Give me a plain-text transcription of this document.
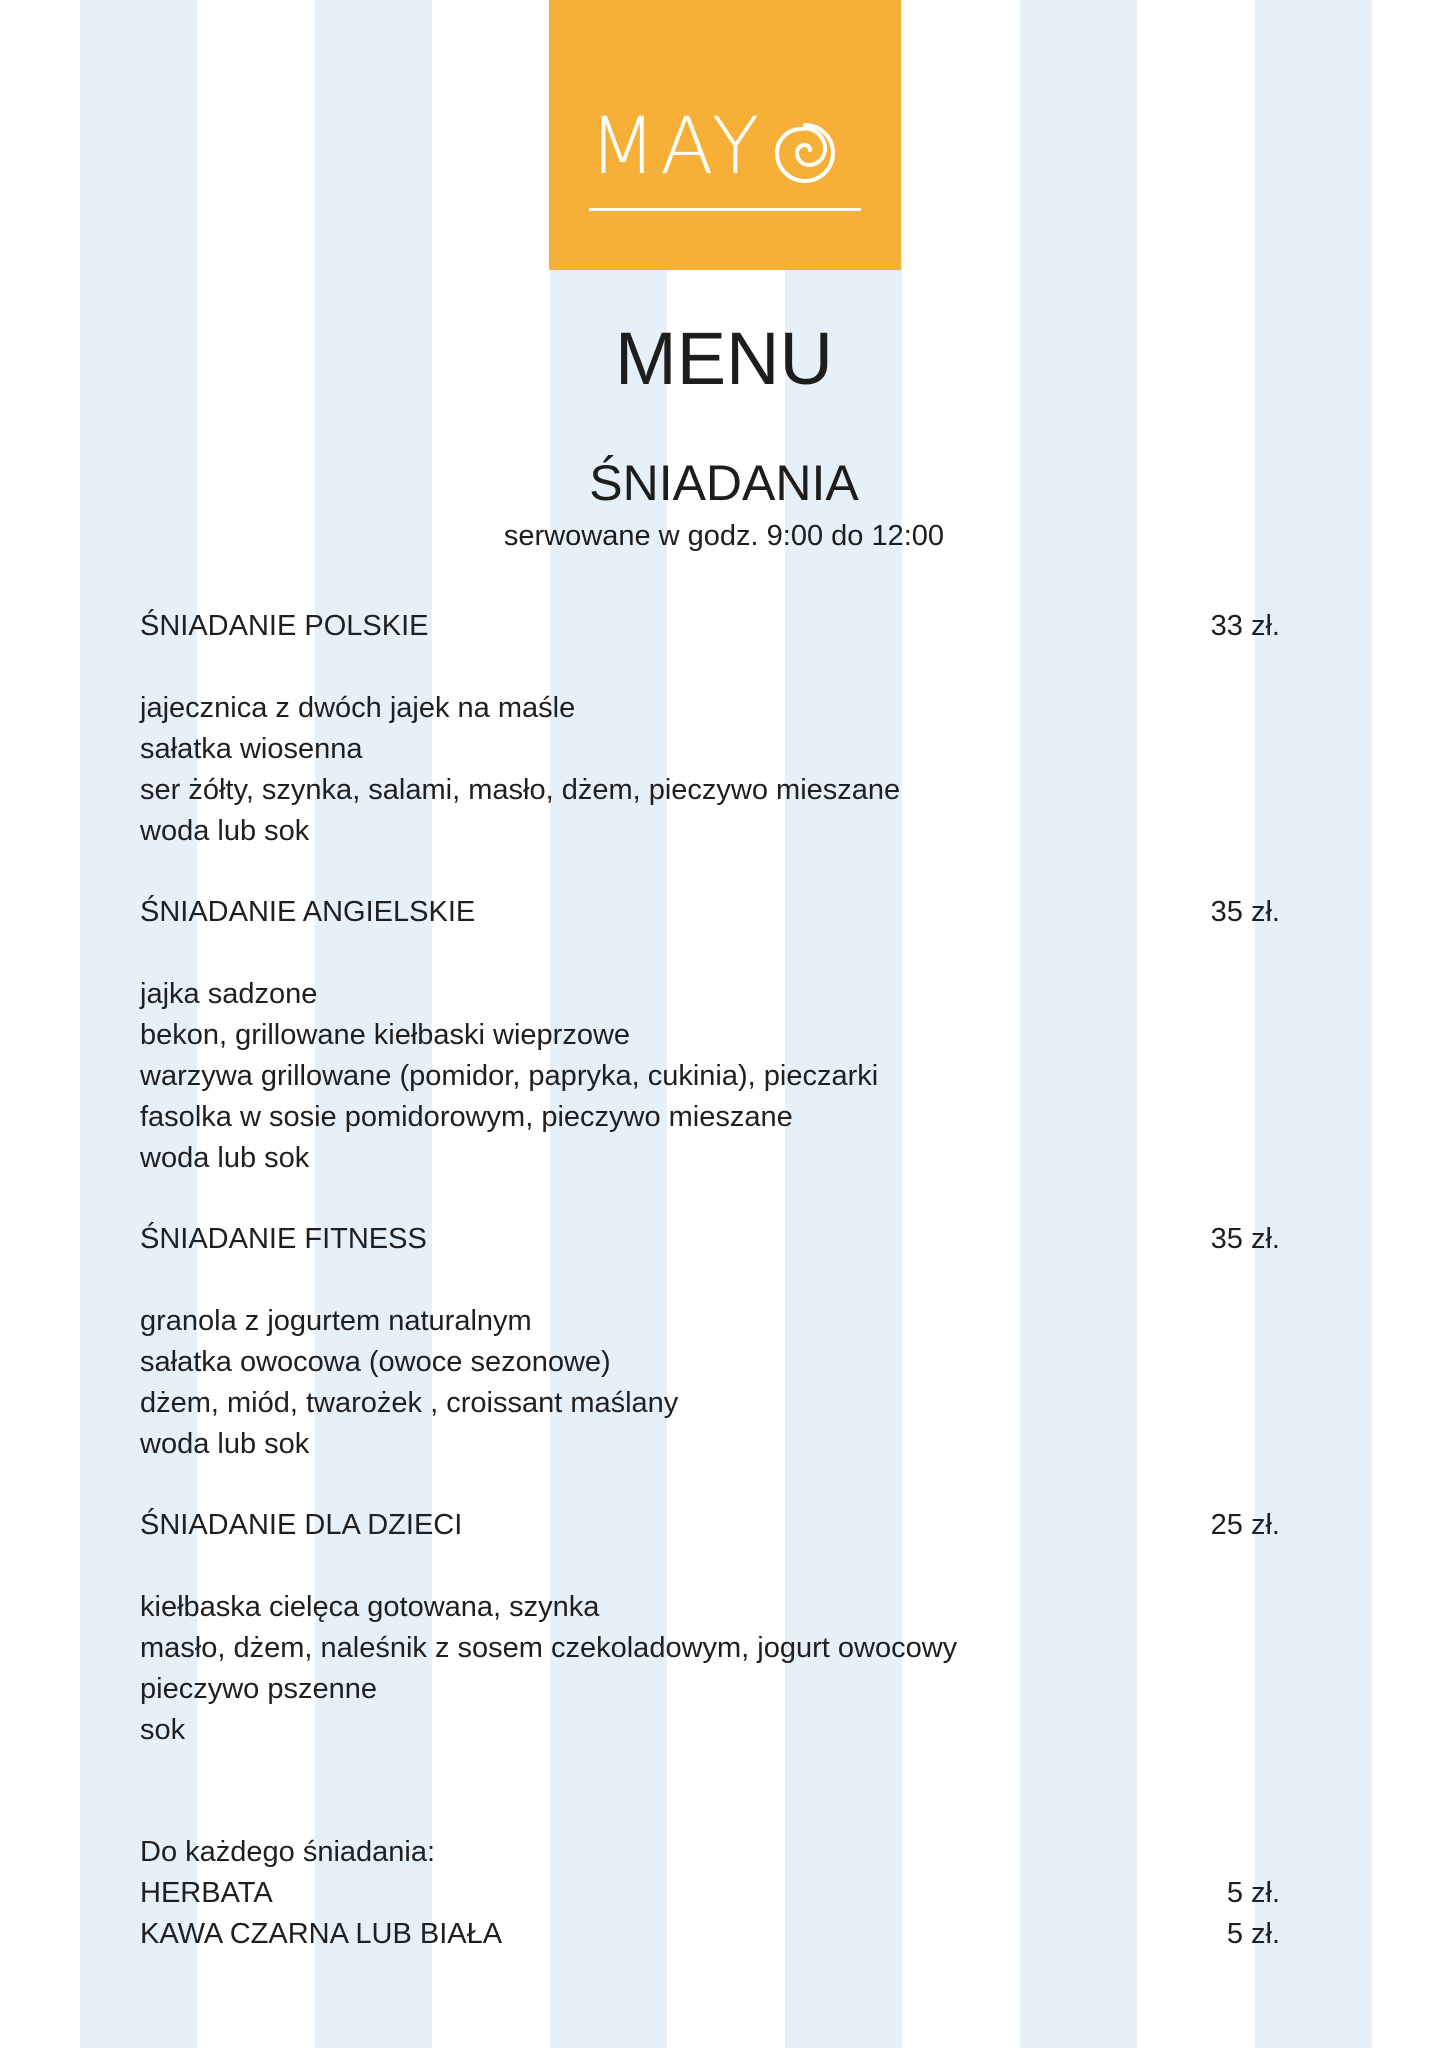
MAY
MENU
ŚNIADANIA
serwowane w godz. 9:00 do 12:00
ŚNIADANIE POLSKIE	33 zł.
jajecznica z dwóch jajek na maśle
sałatka wiosenna
ser żółty, szynka, salami, masło, dżem, pieczywo mieszane
woda lub sok
ŚNIADANIE ANGIELSKIE	35 zł.
jajka sadzone
bekon, grillowane kiełbaski wieprzowe
warzywa grillowane (pomidor, papryka, cukinia), pieczarki
fasolka w sosie pomidorowym, pieczywo mieszane
woda lub sok
ŚNIADANIE FITNESS	35 zł.
granola z jogurtem naturalnym
sałatka owocowa (owoce sezonowe)
dżem, miód, twarożek , croissant maślany
woda lub sok
ŚNIADANIE DLA DZIECI	25 zł.
kiełbaska cielęca gotowana, szynka
masło, dżem, naleśnik z sosem czekoladowym, jogurt owocowy
pieczywo pszenne
sok
Do każdego śniadania:
HERBATA	5 zł.
KAWA CZARNA LUB BIAŁA	5 zł.
